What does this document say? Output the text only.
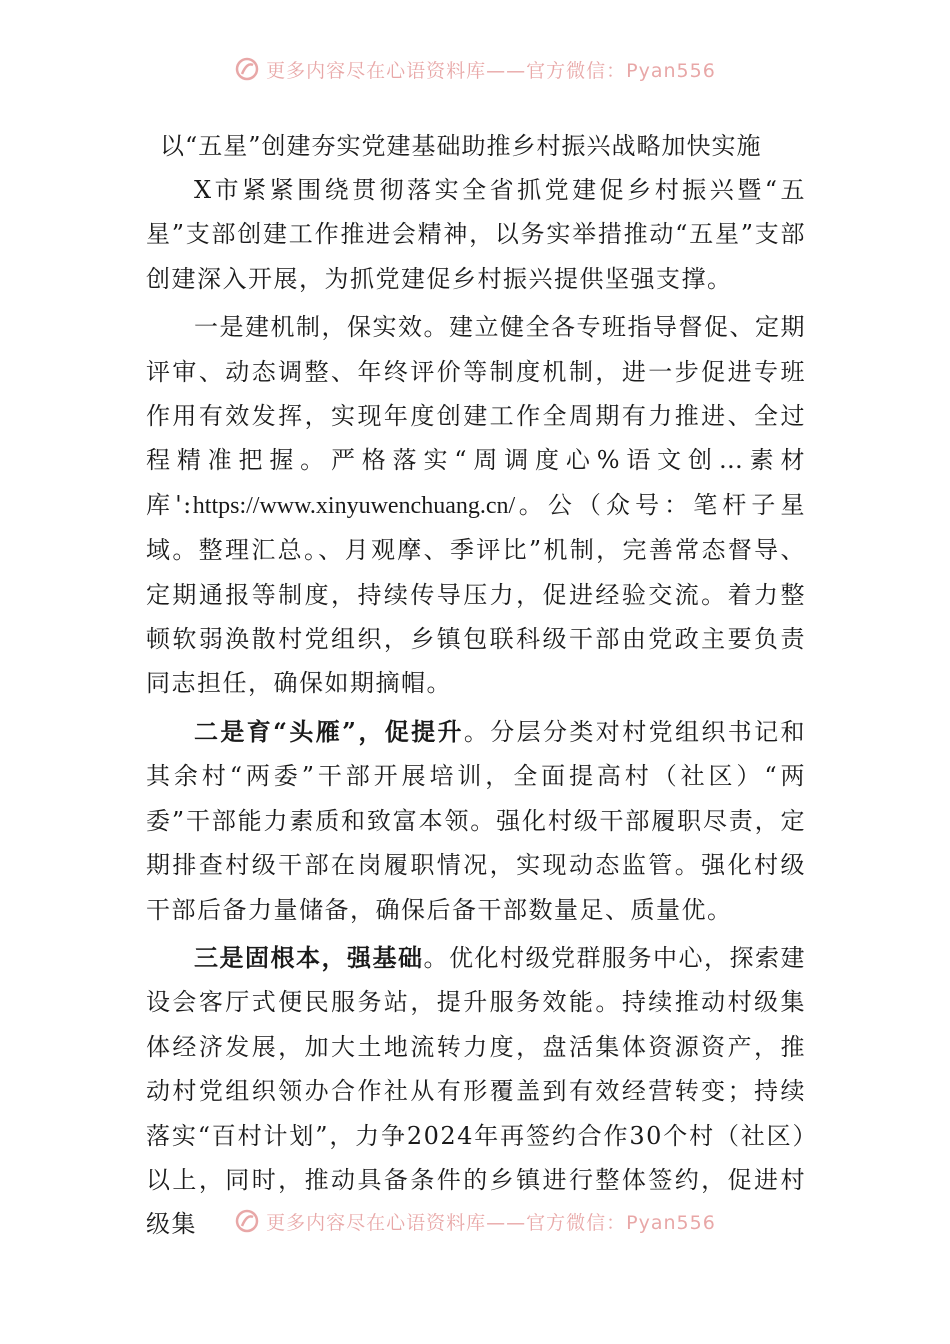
更多内容尽在心语资料库——官方微信：Pyan556
以“五星”创建夯实党建基础助推乡村振兴战略加快实施

X市紧紧围绕贯彻落实全省抓党建促乡村振兴暨“五星”支部创建工作推进会精神，以务实举措推动“五星”支部创建深入开展，为抓党建促乡村振兴提供坚强支撑。

一是建机制，保实效。建立健全各专班指导督促、定期评审、动态调整、年终评价等制度机制，进一步促进专班作用有效发挥，实现年度创建工作全周期有力推进、全过程精准把握。严格落实“周调度心%语文创…素材库':https://www.xinyuwenchuang.cn/。公（众号：笔杆子星域。整理汇总。、月观摩、季评比”机制，完善常态督导、定期通报等制度，持续传导压力，促进经验交流。着力整顿软弱涣散村党组织，乡镇包联科级干部由党政主要负责同志担任，确保如期摘帽。

二是育“头雁”，促提升。分层分类对村党组织书记和其余村“两委”干部开展培训，全面提高村（社区）“两委”干部能力素质和致富本领。强化村级干部履职尽责，定期排查村级干部在岗履职情况，实现动态监管。强化村级干部后备力量储备，确保后备干部数量足、质量优。

三是固根本，强基础。优化村级党群服务中心，探索建设会客厅式便民服务站，提升服务效能。持续推动村级集体经济发展，加大土地流转力度，盘活集体资源资产，推动村党组织领办合作社从有形覆盖到有效经营转变；持续落实“百村计划”，力争2024年再签约合作30个村（社区）以上，同时，推动具备条件的乡镇进行整体签约，促进村级集	更多内容尽在心语资料库——官方微信：Pyan556
